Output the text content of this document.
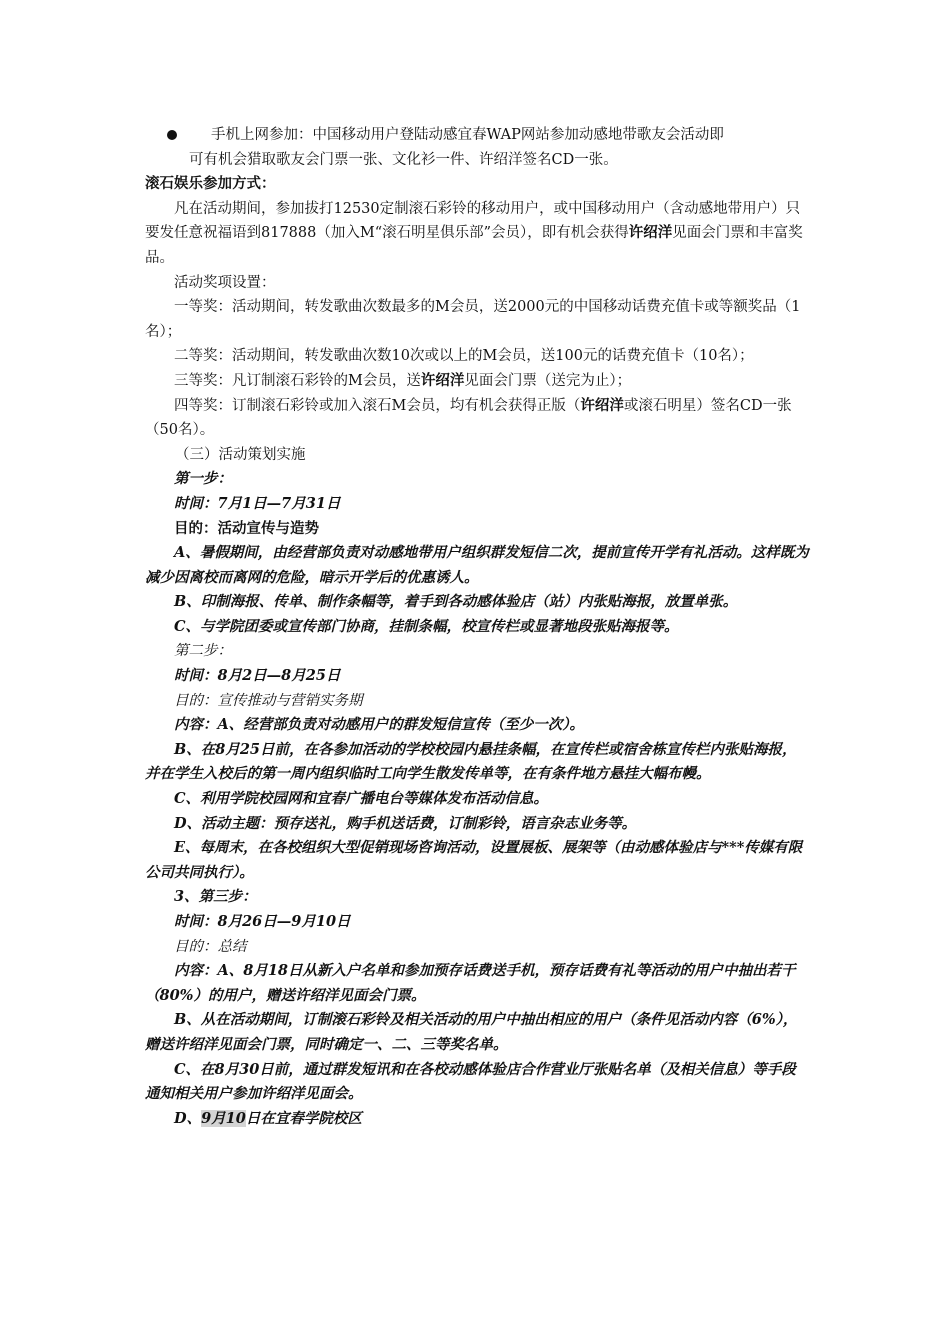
手机上网参加：中国移动用户登陆动感宜春WAP网站参加动感地带歌友会活动即

可有机会猎取歌友会门票一张、文化衫一件、许绍洋签名CD一张。

滚石娱乐参加方式：

凡在活动期间，参加拔打12530定制滚石彩铃的移动用户，或中国移动用户（含动感地带用户）只要发任意祝福语到817888（加入M“滚石明星俱乐部”会员），即有机会获得许绍洋见面会门票和丰富奖品。

活动奖项设置：

一等奖：活动期间，转发歌曲次数最多的M会员，送2000元的中国移动话费充值卡或等额奖品（1名）；

二等奖：活动期间，转发歌曲次数10次或以上的M会员，送100元的话费充值卡（10名）；

三等奖：凡订制滚石彩铃的M会员，送许绍洋见面会门票（送完为止）；

四等奖：订制滚石彩铃或加入滚石M会员，均有机会获得正版（许绍洋或滚石明星）签名CD一张（50名）。

（三）活动策划实施

第一步：

时间：7月1日—7月31日

目的：活动宣传与造势

A、暑假期间，由经营部负责对动感地带用户组织群发短信二次，提前宣传开学有礼活动。这样既为减少因离校而离网的危险，暗示开学后的优惠诱人。

B、印制海报、传单、制作条幅等，着手到各动感体验店（站）内张贴海报，放置单张。

C、与学院团委或宣传部门协商，挂制条幅，校宣传栏或显著地段张贴海报等。

第二步：

时间：8月2日—8月25日

目的：宣传推动与营销实务期

内容：A、经营部负责对动感用户的群发短信宣传（至少一次）。

B、在8月25日前，在各参加活动的学校校园内悬挂条幅，在宣传栏或宿舍栋宣传栏内张贴海报，并在学生入校后的第一周内组织临时工向学生散发传单等，在有条件地方悬挂大幅布幔。

C、利用学院校园网和宜春广播电台等媒体发布活动信息。

D、活动主题：预存送礼，购手机送话费，订制彩铃，语言杂志业务等。

E、每周末，在各校组织大型促销现场咨询活动，设置展板、展架等（由动感体验店与***传媒有限公司共同执行）。

3、第三步：

时间：8月26日—9月10日

目的：总结

内容：A、8月18日从新入户名单和参加预存话费送手机，预存话费有礼等活动的用户中抽出若干（80%）的用户，赠送许绍洋见面会门票。

B、从在活动期间，订制滚石彩铃及相关活动的用户中抽出相应的用户（条件见活动内容（6%），赠送许绍洋见面会门票，同时确定一、二、三等奖名单。

C、在8月30日前，通过群发短讯和在各校动感体验店合作营业厅张贴名单（及相关信息）等手段通知相关用户参加许绍洋见面会。

D、9月10日在宜春学院校区
